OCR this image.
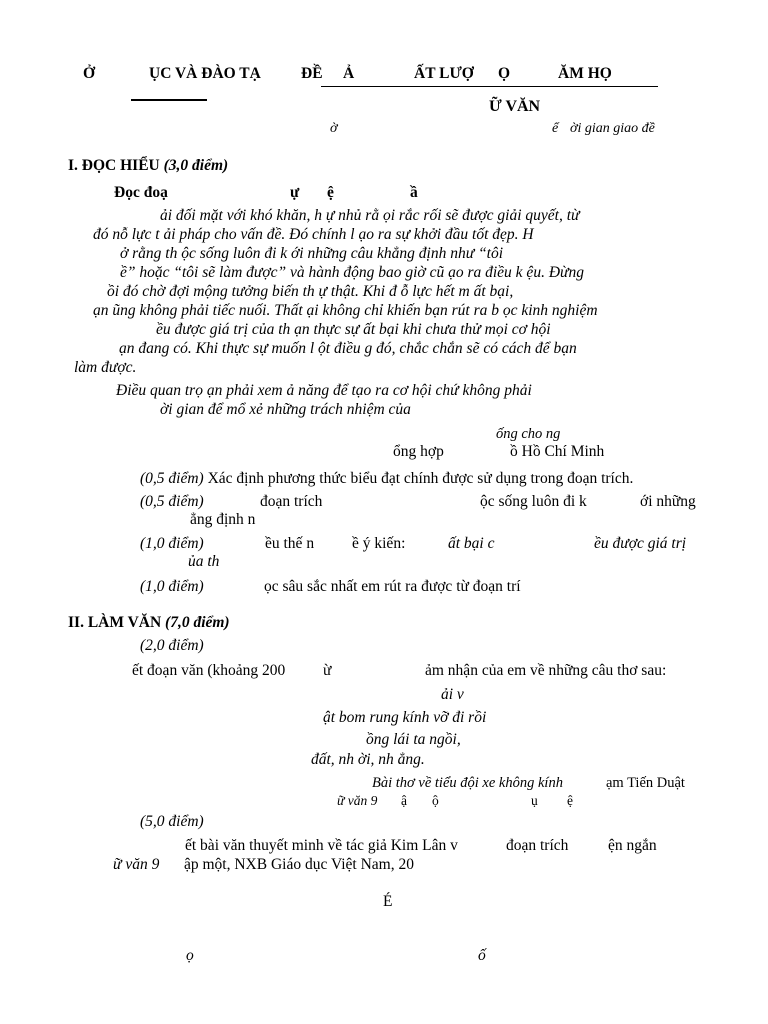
Ở	ỤC VÀ ĐÀO TẠ	ĐỀ Ả	ẤT LƯỢ Ọ	ĂM HỌ
Ữ VĂN
ờ	ể ời gian giao đề
I. ĐỌC HIỂU (3,0 điểm)
Đọc đoạ	ự ệ	ầ
ải đối mặt với khó khăn, h ự nhủ rằ ọi rắc rối sẽ được giải quyết, từ
đó nỗ lực t ải pháp cho vấn đề. Đó chính l ạo ra sự khởi đầu tốt đẹp. H
ở rằng th ộc sống luôn đi k ới những câu khẳng định như “tôi
ề” hoặc “tôi sẽ làm được” và hành động bao giờ cũ ạo ra điều k ệu. Đừng
ồi đó chờ đợi mộng tưởng biến th ự thật. Khi đ ỗ lực hết m ất bại,
ạn ũng không phải tiếc nuối. Thất ại không chỉ khiến bạn rút ra b ọc kinh nghiệm
ều được giá trị của th ạn thực sự ất bại khi chưa thử mọi cơ hội
ạn đang có. Khi thực sự muốn l ột điều g đó, chắc chắn sẽ có cách để bạn
làm được.
Điều quan trọ ạn phải xem ả năng để tạo ra cơ hội chứ không phải
ời gian để mổ xẻ những trách nhiệm của
ống cho ng
ổng hợp	ồ Hồ Chí Minh
(0,5 điểm) Xác định phương thức biểu đạt chính được sử dụng trong đoạn trích.
(0,5 điểm)	đoạn trích	ộc sống luôn đi k	ới những
ẳng định n
(1,0 điểm)	ều thế n ề ý kiến:	ất bại c	ều được giá trị
ủa th
(1,0 điểm)	ọc sâu sắc nhất em rút ra được từ đoạn trí
II. LÀM VĂN (7,0 điểm)
(2,0 điểm)
ết đoạn văn (khoảng 200 ừ	ảm nhận của em về những câu thơ sau:
ải v
ật bom rung kính vỡ đi rồi
ồng lái ta ngồi,
đất, nh ời, nh ẳng.
Bài thơ về tiểu đội xe không kính	ạm Tiến Duật
ữ văn 9 ậ ộ	ụ ệ
(5,0 điểm)
ết bài văn thuyết minh về tác giả Kim Lân v	đoạn trích	ện ngắn
ữ văn 9 ập một, NXB Giáo dục Việt Nam, 20
É
ọ	ố
